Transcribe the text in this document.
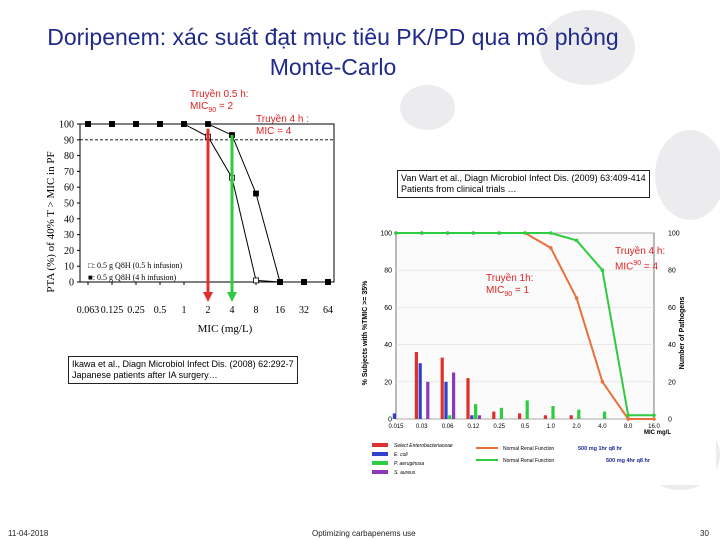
Doripenem: xác suất đạt mục tiêu PK/PD qua mô phỏng
Monte-Carlo
0
10
20
30
40
50
60
70
80
90
100
0.063 0.125 0.25 0.5 1 2 4 8 16 32 64
PTA (%) of 40% T > MIC in PF
MIC (mg/L)
□: 0.5 g Q8H (0.5 h infusion)
■: 0.5 g Q8H (4 h infusion)
Truyền 0.5 h:
$MIC_{90} = 2$
Truyền 4 h :
MIC = 4
0
20
40
60
80
100
0
20
40
60
80
100
0.015 0.03 0.06 0.12 0.25	0.5	1.0	2.0	4.0	8.0	16.0
% Subjects with %TMIC >= 35%	Number of Pathogens
MIC mg/L
Select Enterobacteriaceae
E. coli
P. aeruginosa
S. aureus
Normal Renal Function	500 mg 1hr q8 hr
Normal Renal Function	500 mg 4hr q8 hr
Truyền 4 h:
$MIC^{90} = 4$
Truyền 1h:
$MIC_{90} = 1$
Van Wart et al., Diagn Microbiol Infect Dis. (2009) 63:409-414
Patients from clinical trials …
Ikawa et al., Diagn Microbiol Infect Dis. (2008) 62:292-7
Japanese patients after IA surgery…
11-04-2018	Optimizing carbapenems use	30
